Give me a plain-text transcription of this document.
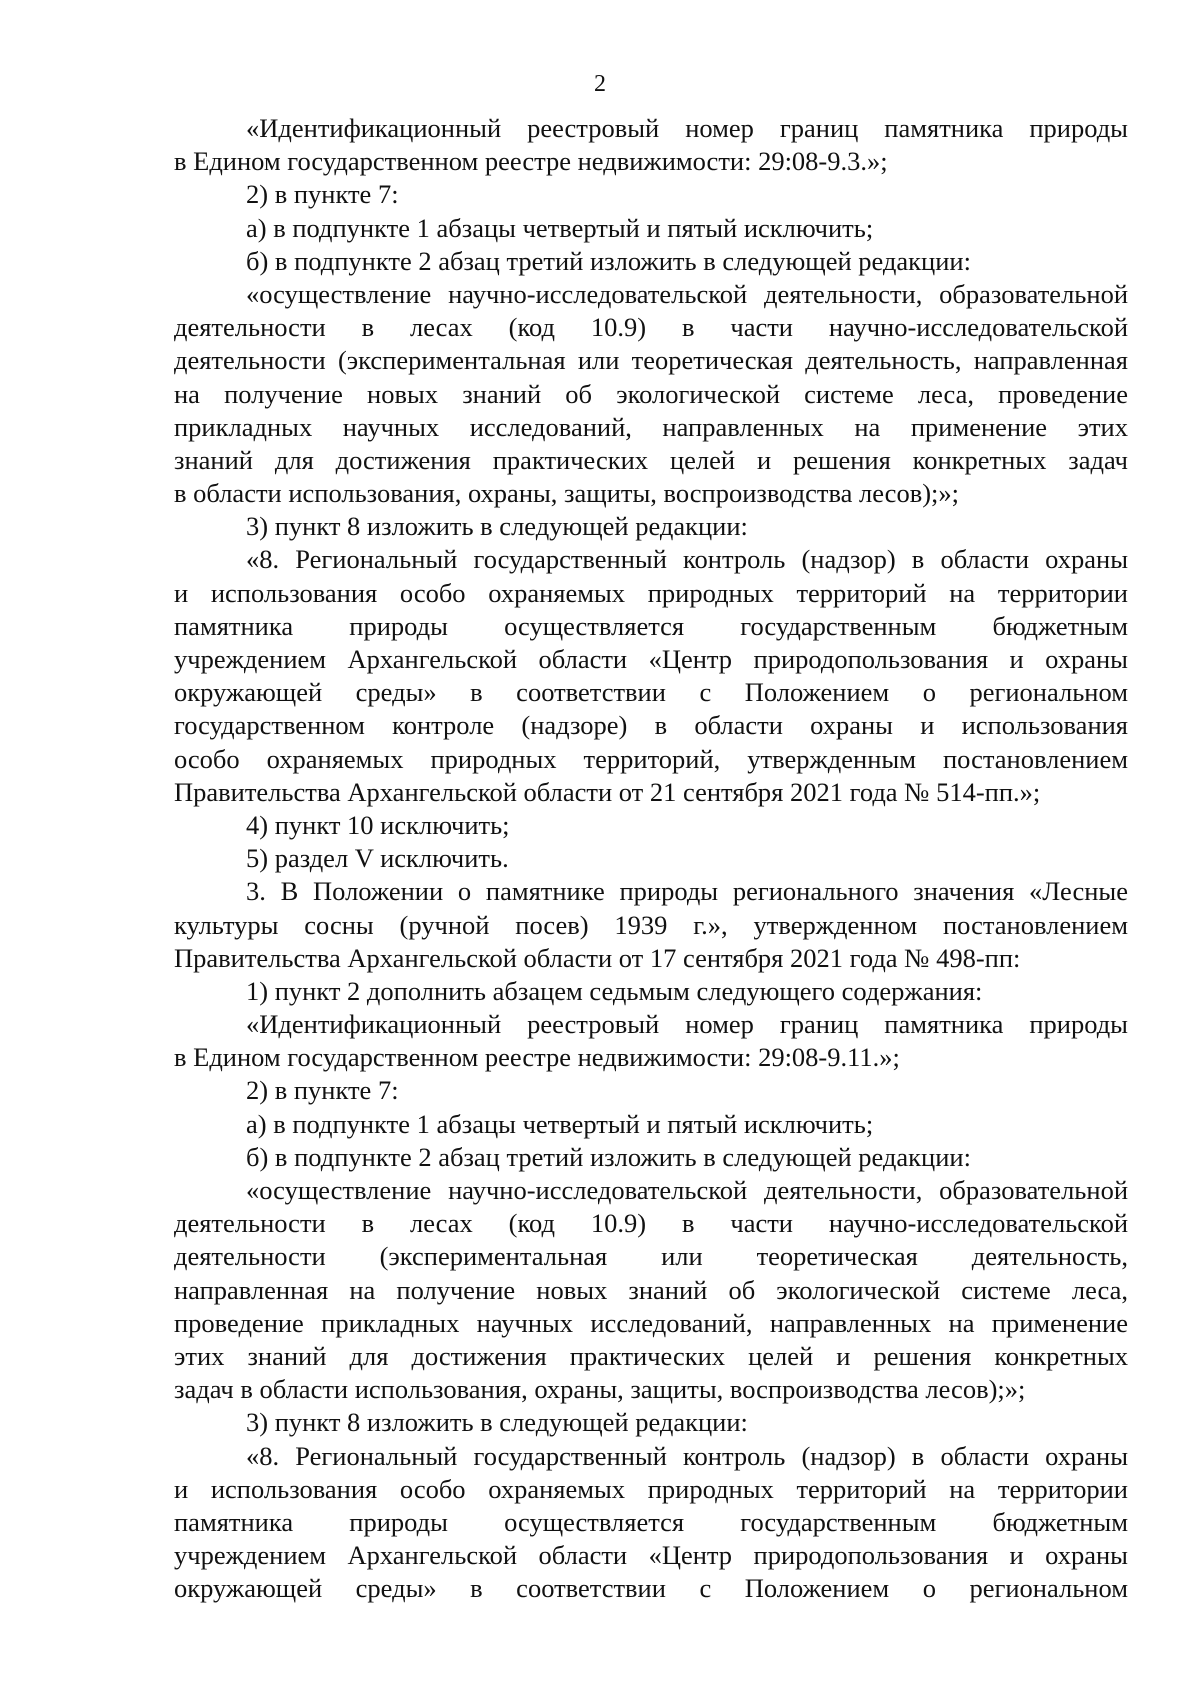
2
«Идентификационный реестровый номер границ памятника природы
в Едином государственном реестре недвижимости: 29:08-9.3.»;
2) в пункте 7:
а) в подпункте 1 абзацы четвертый и пятый исключить;
б) в подпункте 2 абзац третий изложить в следующей редакции:
«осуществление научно-исследовательской деятельности, образовательной
деятельности в лесах (код 10.9) в части научно-исследовательской
деятельности (экспериментальная или теоретическая деятельность, направленная
на получение новых знаний об экологической системе леса, проведение
прикладных научных исследований, направленных на применение этих
знаний для достижения практических целей и решения конкретных задач
в области использования, охраны, защиты, воспроизводства лесов);»;
3) пункт 8 изложить в следующей редакции:
«8. Региональный государственный контроль (надзор) в области охраны
и использования особо охраняемых природных территорий на территории
памятника природы осуществляется государственным бюджетным
учреждением Архангельской области «Центр природопользования и охраны
окружающей среды» в соответствии с Положением о региональном
государственном контроле (надзоре) в области охраны и использования
особо охраняемых природных территорий, утвержденным постановлением
Правительства Архангельской области от 21 сентября 2021 года № 514-пп.»;
4) пункт 10 исключить;
5) раздел V исключить.
3. В Положении о памятнике природы регионального значения «Лесные
культуры сосны (ручной посев) 1939 г.», утвержденном постановлением
Правительства Архангельской области от 17 сентября 2021 года № 498-пп:
1) пункт 2 дополнить абзацем седьмым следующего содержания:
«Идентификационный реестровый номер границ памятника природы
в Едином государственном реестре недвижимости: 29:08-9.11.»;
2) в пункте 7:
а) в подпункте 1 абзацы четвертый и пятый исключить;
б) в подпункте 2 абзац третий изложить в следующей редакции:
«осуществление научно-исследовательской деятельности, образовательной
деятельности в лесах (код 10.9) в части научно-исследовательской
деятельности (экспериментальная или теоретическая деятельность,
направленная на получение новых знаний об экологической системе леса,
проведение прикладных научных исследований, направленных на применение
этих знаний для достижения практических целей и решения конкретных
задач в области использования, охраны, защиты, воспроизводства лесов);»;
3) пункт 8 изложить в следующей редакции:
«8. Региональный государственный контроль (надзор) в области охраны
и использования особо охраняемых природных территорий на территории
памятника природы осуществляется государственным бюджетным
учреждением Архангельской области «Центр природопользования и охраны
окружающей среды» в соответствии с Положением о региональном
